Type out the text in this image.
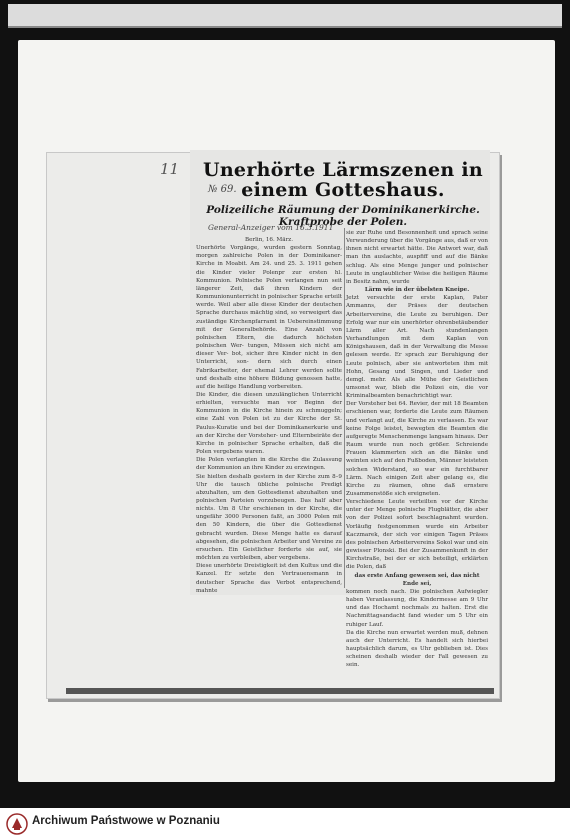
11 Unerhörte Lärmszenen in einem Gotteshaus.
№ 69.
Polizeiliche Räumung der Dominikanerkirche. Kraftprobe der Polen.
General-Anzeiger vom 16.3.1911

Berlin, 16. März.

Unerhörte Vorgänge, wurden gestern Sonntag, morgen zahlreiche Polen in der Dominikaner-Kirche in Moabit. Am 24. und 25. 3. 1911 gehen die Kinder vieler Polenpr zur ersten hl. Kommunion. Polnische Polen verlangen nun seit längerer Zeit, daß ihren Kindern der Kommunionunterricht in polnischer Sprache erteilt werde. Weil aber alle diese Kinder der deutschen Sprache durchaus mächtig sind, so verweigert das zuständige Kirchenpfarramt in Uebereinstimmung mit der Generalbehörde. Eine Anzahl von polnischen Eltern, die dadurch höchsten polnischen Wer- tungen, Müssen sich nicht am dieser Ver- bot, sicher ihre Kinder nicht in den Unterricht, son- dern sich durch einen Fabrikarbeiter, der ehemal Lehrer werden sollte und deshalb eine höhere Bildung genossen hatte, auf die heilige Handlung vorbereiten.

Die Kinder, die diesen unzulänglichen Unterricht erhielten, versuchte man vor Beginn der Kommunion in die Kirche hinein zu schmuggeln; eine Zahl von Polen ist zu der Kirche der St. Paulus-Kuratie und bei der Dominikanerkurie und an der Kirche der Vorsteher- und Elternbeiräte der Kirche in polnischer Sprache erhalten, daß die Polen vergebens waren.

Die Polen verlangten in die Kirche die Zulassung der Kommunion an ihre Kinder zu erzwingen.

Sie hielten deshalb gestern in der Kirche zum 8–9 Uhr die tausch übliche polnische Predigt abzuhalten, um den Gottesdienst abzuhalten und polnischen Parteien vorzubeugen. Das half aber nichts. Um 8 Uhr erschienen in der Kirche, die ungefähr 3000 Personen faßt, an 3000 Polen mit den 50 Kindern, die über die Gottesdienst gebracht wurden. Diese Menge hatte es darauf abgesehen, die polnischen Arbeiter und Vereine zu ersuchen. Ein Geistlicher forderte sie auf, sie möchten zu verbleiben, aber vergebens.

Diese unerhörte Dreistigkeit ist den Kultus und die Kanzel. Er setzte den Vertrauensmann in deutscher Sprache das Verbot entsprechend, mahnte

sie zur Ruhe und Besonnenheit und sprach seine Verwunderung über die Vorgänge aus, daß er von ihnen nicht erwartet hätte. Die Antwort war, daß man ihn auslachte, auspfiff und auf die Bänke schlug. Als eine Menge junger und polnischer Leute in unglaublicher Weise die heiligen Räume in Besitz nahm, wurde

Lärm wie in der übelsten Kneipe.

Jetzt versuchte der erste Kaplan, Pater Ammanns, der Präses der deutschen Arbeitervereine, die Leute zu beruhigen. Der Erfolg war nur ein unerhörter ohrenbetäubender Lärm aller Art. Nach stundenlangen Verhandlungen mit dem Kaplan von Königshausen, daß in der Verwaltung die Messe gelesen werde. Er sprach zur Beruhigung der Leute polnisch, aber sie antworteten ihm mit Hohn, Gesang und Singen, und Lieder und demgl. mehr. Als alle Mühe der Geistlichen umsonst war, blieb die Polizei ein, die vor Kriminalbeamten benachrichtigt war.

Der Vorsteher bei 64. Revier, der mit 18 Beamten erschienen war, forderte die Leute zum Räumen und verlangt auf, die Kirche zu verlassen. Es war keine Folge leistet, bewegten die Beamten die aufgeregte Menschenmenge langsam hinaus. Der Raum wurde nun noch größer. Schreiende Frauen klammerten sich an die Bänke und weinten sich auf den Fußboden, Männer leisteten solchen Widerstand, so war ein furchtbarer Lärm. Nach einigen Zeit aber gelang es, die Kirche zu räumen, ohne daß ernstere Zusammenstöße sich ereigneten.

Verschiedene Leute verteilten vor der Kirche unter der Menge polnische Flugblätter, die aber von der Polizei sofort beschlagnahmt wurden. Vorläufig festgenommen wurde ein Arbeiter Kaczmarek, der sich vor einigen Tagen Präses des polnischen Arbeitervereins Sokol war und ein gewisser Plonski. Bei der Zusammenkunft in der Kirchstraße, bei der er sich beteiligt, erklärten die Polen, daß

das erste Anfang gewesen sei, das nicht Ende sei,

kommen noch nach. Die polnischen Aufwiegler haben Veranlassung, die Kindermesse am 9 Uhr und das Hochamt nochmals zu halten. Erst die Nachmittagsandacht fand wieder um 5 Uhr ein ruhiger Lauf.

Da die Kirche nun erwartet werden muß, dehnen auch der Unterricht. Es handelt sich hierbei hauptsächlich darum, es Uhr geblieben ist. Dies scheinen deshalb wieder der Fall gewesen zu sein.

Archiwum Państwowe w Poznaniu
